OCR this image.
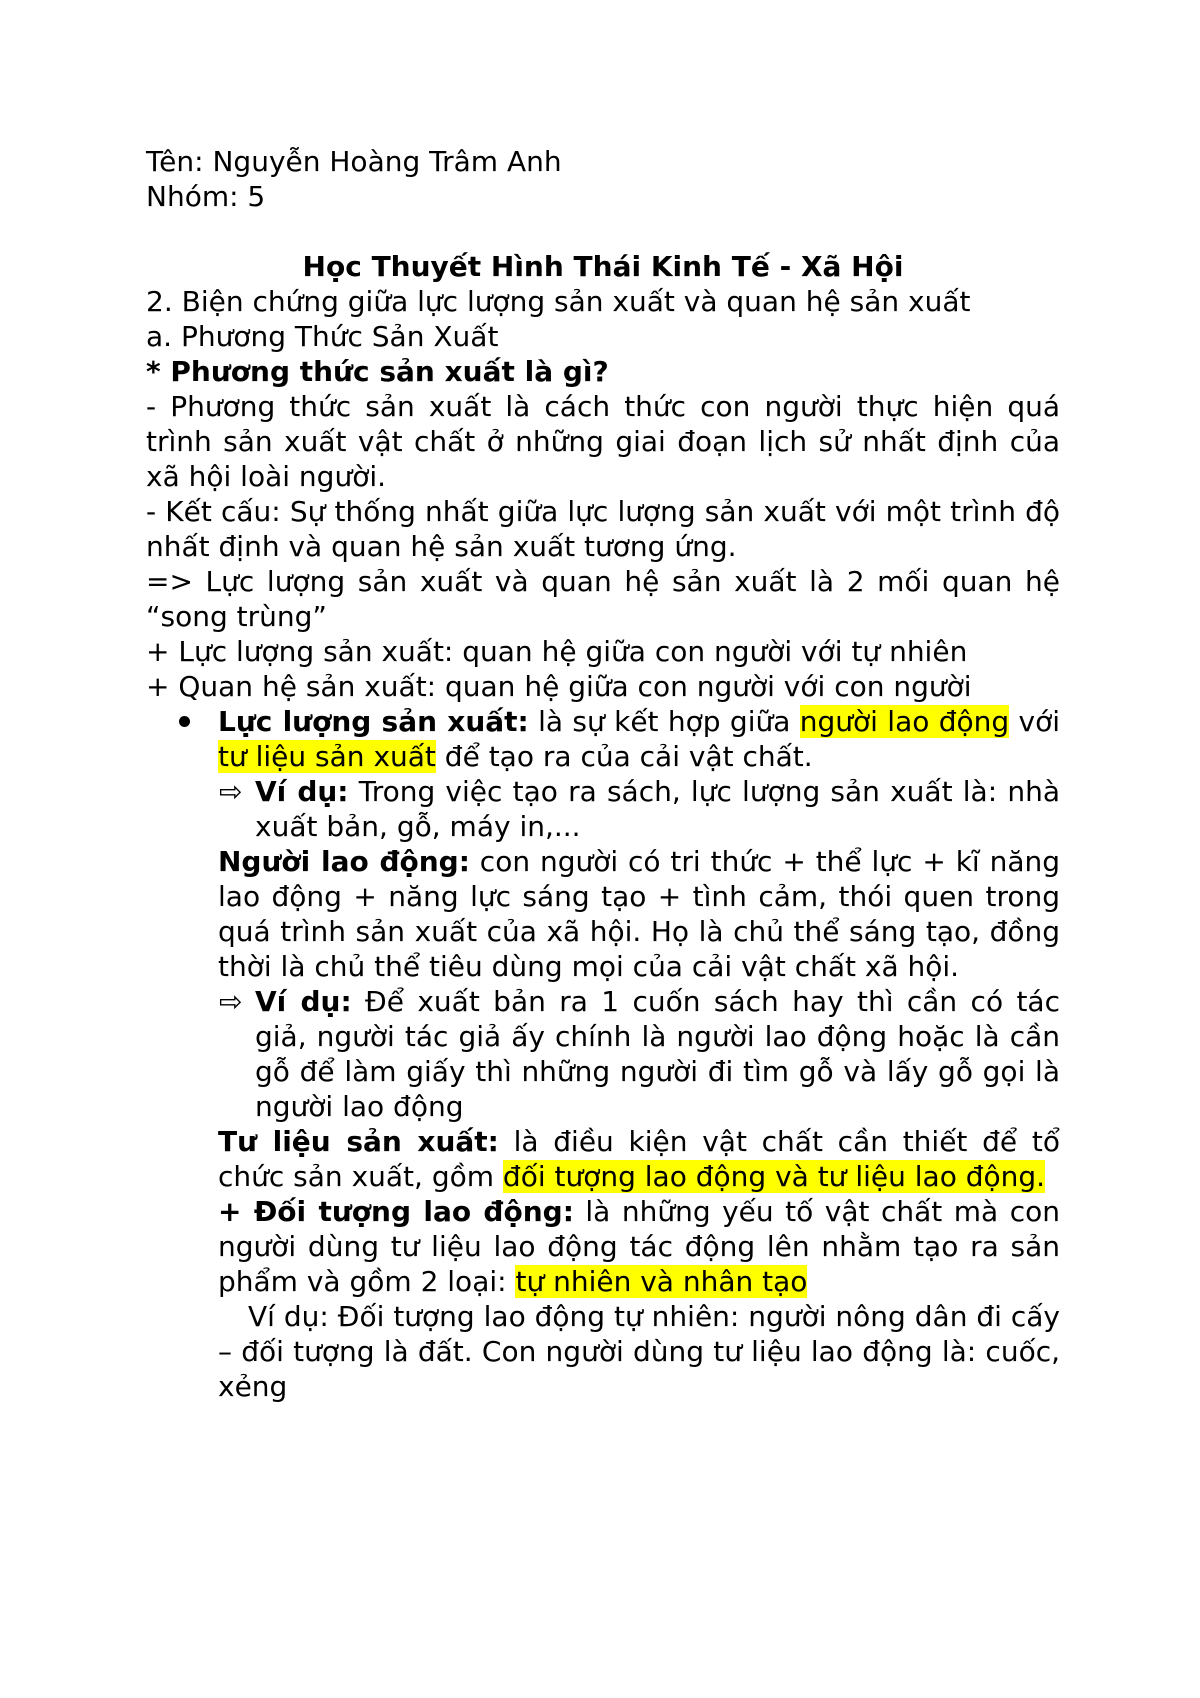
Tên: Nguyễn Hoàng Trâm Anh

Nhóm: 5

Học Thuyết Hình Thái Kinh Tế - Xã Hội

2. Biện chứng giữa lực lượng sản xuất và quan hệ sản xuất

a. Phương Thức Sản Xuất

* Phương thức sản xuất là gì?

- Phương thức sản xuất là cách thức con người thực hiện quá trình sản xuất vật chất ở những giai đoạn lịch sử nhất định của xã hội loài người.

- Kết cấu: Sự thống nhất giữa lực lượng sản xuất với một trình độ nhất định và quan hệ sản xuất tương ứng.

=> Lực lượng sản xuất và quan hệ sản xuất là 2 mối quan hệ “song trùng”

+ Lực lượng sản xuất: quan hệ giữa con người với tự nhiên

+ Quan hệ sản xuất: quan hệ giữa con người với con người

Lực lượng sản xuất: là sự kết hợp giữa người lao động với tư liệu sản xuất để tạo ra của cải vật chất.
⇨ Ví dụ: Trong việc tạo ra sách, lực lượng sản xuất là: nhà xuất bản, gỗ, máy in,...
Người lao động: con người có tri thức + thể lực + kĩ năng lao động + năng lực sáng tạo + tình cảm, thói quen trong quá trình sản xuất của xã hội. Họ là chủ thể sáng tạo, đồng thời là chủ thể tiêu dùng mọi của cải vật chất xã hội.
⇨ Ví dụ: Để xuất bản ra 1 cuốn sách hay thì cần có tác giả, người tác giả ấy chính là người lao động hoặc là cần gỗ để làm giấy thì những người đi tìm gỗ và lấy gỗ gọi là người lao động
Tư liệu sản xuất: là điều kiện vật chất cần thiết để tổ chức sản xuất, gồm đối tượng lao động và tư liệu lao động.
+ Đối tượng lao động: là những yếu tố vật chất mà con người dùng tư liệu lao động tác động lên nhằm tạo ra sản phẩm và gồm 2 loại: tự nhiên và nhân tạo

Ví dụ: Đối tượng lao động tự nhiên: người nông dân đi cấy – đối tượng là đất. Con người dùng tư liệu lao động là: cuốc, xẻng
